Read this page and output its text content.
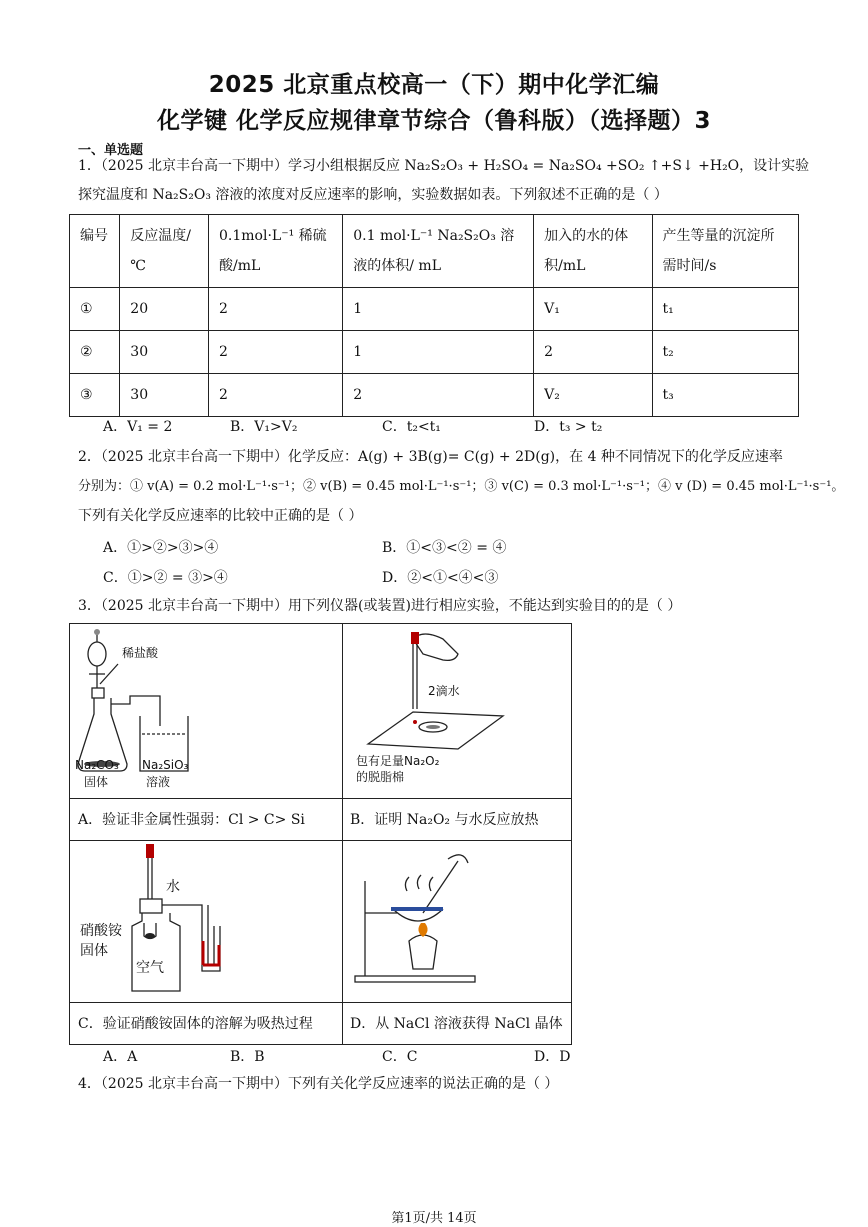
2025 北京重点校高一（下）期中化学汇编
化学键 化学反应规律章节综合（鲁科版）（选择题）3
一、单选题
1．（2025 北京丰台高一下期中）学习小组根据反应 Na₂S₂O₃ + H₂SO₄ = Na₂SO₄ +SO₂ ↑+S↓ +H₂O，设计实验
探究温度和 Na₂S₂O₃ 溶液的浓度对反应速率的影响，实验数据如表。下列叙述不正确的是（ ）
编号	反应温度/℃	0.1mol·L⁻¹ 稀硫酸/mL	0.1 mol·L⁻¹ Na₂S₂O₃ 溶液的体积/ mL	加入的水的体积/mL	产生等量的沉淀所需时间/s
①	20	2	1	V₁	t₁
②	30	2	1	2	t₂
③	30	2	2	V₂	t₃
A．V₁ = 2	B．V₁>V₂	C．t₂<t₁	D．t₃ > t₂
2．（2025 北京丰台高一下期中）化学反应：A(g) + 3B(g)= C(g) + 2D(g)，在 4 种不同情况下的化学反应速率
分别为：① v(A) = 0.2 mol·L⁻¹·s⁻¹；② v(B) = 0.45 mol·L⁻¹·s⁻¹；③ v(C) = 0.3 mol·L⁻¹·s⁻¹；④ v (D) = 0.45 mol·L⁻¹·s⁻¹。
下列有关化学反应速率的比较中正确的是（ ）
A．①>②>③>④	B．①<③<② = ④
C．①>② = ③>④	D．②<①<④<③
3．（2025 北京丰台高一下期中）用下列仪器(或装置)进行相应实验，不能达到实验目的的是（ ）
稀盐酸
Na₂CO₃
固体
Na₂SiO₃
溶液
2滴水
包有足量Na₂O₂
的脱脂棉
A．验证非金属性强弱：Cl > C> Si	B．证明 Na₂O₂ 与水反应放热
水
硝酸铵
固体
空气
C．验证硝酸铵固体的溶解为吸热过程	D．从 NaCl 溶液获得 NaCl 晶体
A．A	B．B	C．C	D．D
4．（2025 北京丰台高一下期中）下列有关化学反应速率的说法正确的是（ ）
第1页/共 14页
